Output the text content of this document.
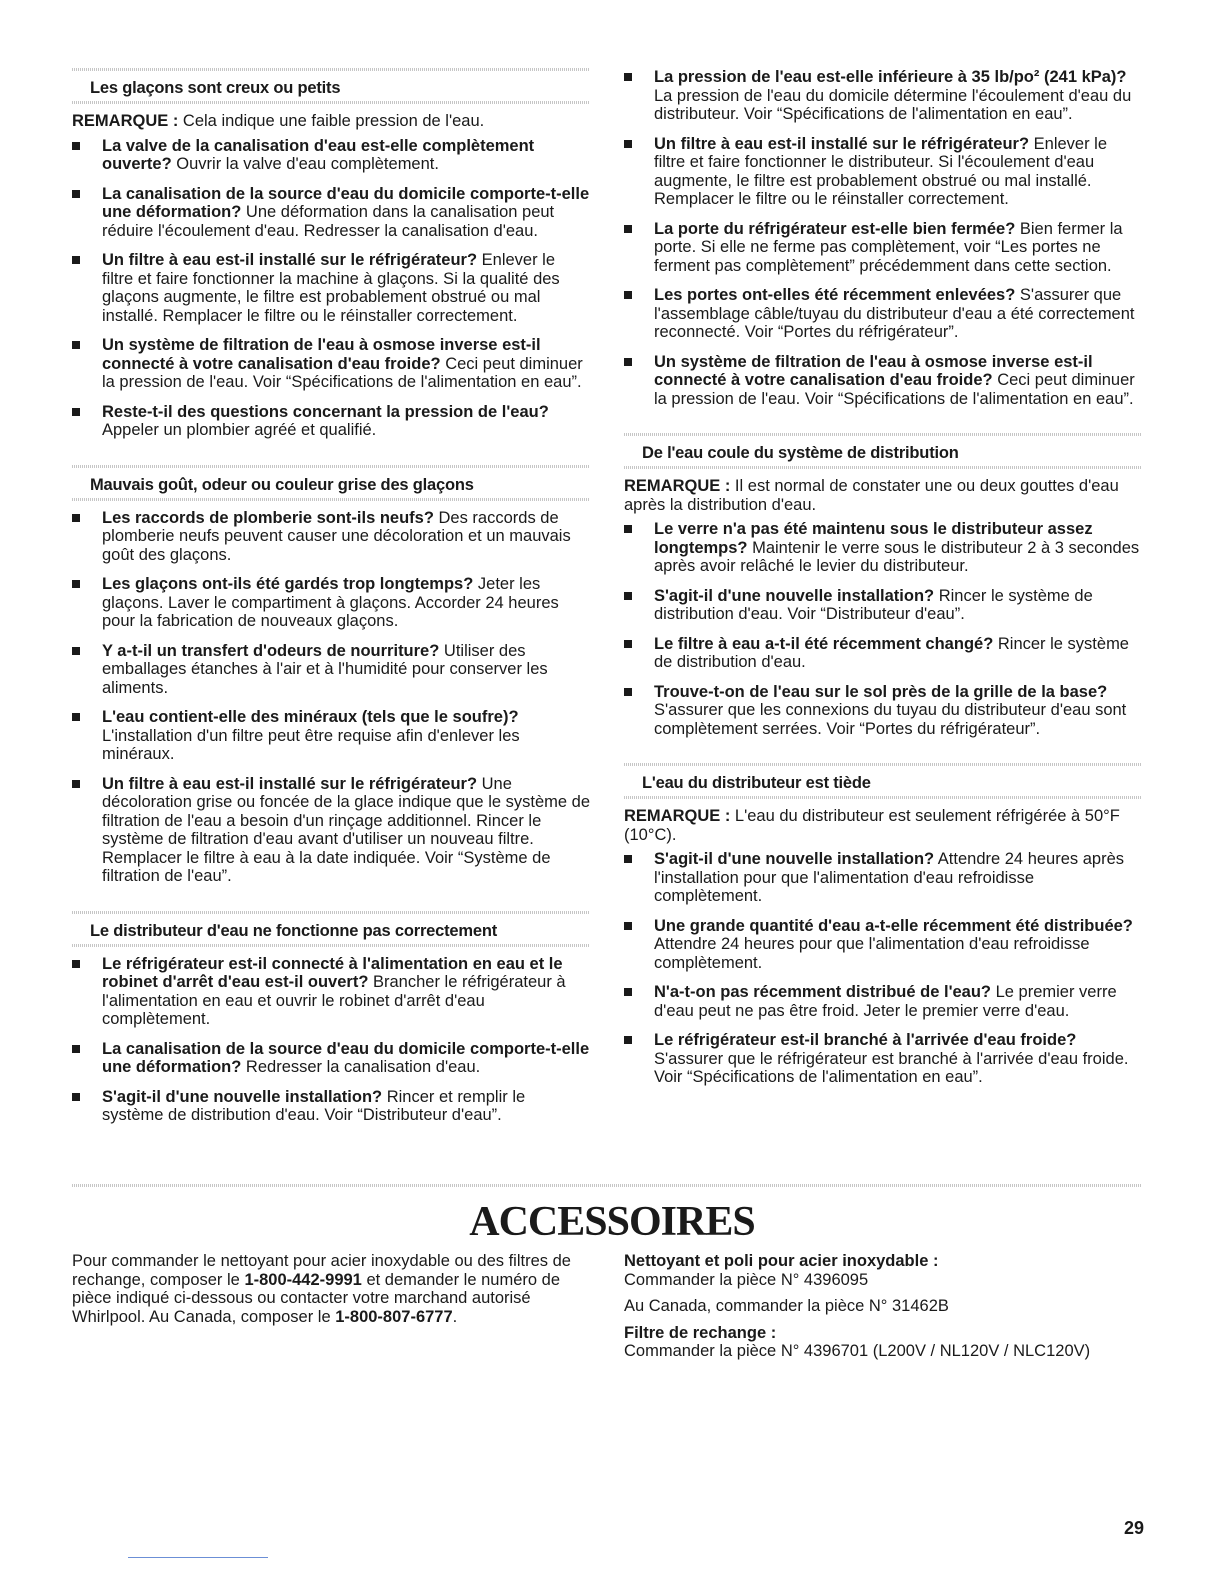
Les glaçons sont creux ou petits

REMARQUE : Cela indique une faible pression de l'eau.

La valve de la canalisation d'eau est-elle complètement ouverte? Ouvrir la valve d'eau complètement.
La canalisation de la source d'eau du domicile comporte-t-elle une déformation? Une déformation dans la canalisation peut réduire l'écoulement d'eau. Redresser la canalisation d'eau.
Un filtre à eau est-il installé sur le réfrigérateur? Enlever le filtre et faire fonctionner la machine à glaçons. Si la qualité des glaçons augmente, le filtre est probablement obstrué ou mal installé. Remplacer le filtre ou le réinstaller correctement.
Un système de filtration de l'eau à osmose inverse est-il connecté à votre canalisation d'eau froide? Ceci peut diminuer la pression de l'eau. Voir “Spécifications de l'alimentation en eau”.
Reste-t-il des questions concernant la pression de l'eau? Appeler un plombier agréé et qualifié.
Mauvais goût, odeur ou couleur grise des glaçons
Les raccords de plomberie sont-ils neufs? Des raccords de plomberie neufs peuvent causer une décoloration et un mauvais goût des glaçons.
Les glaçons ont-ils été gardés trop longtemps? Jeter les glaçons. Laver le compartiment à glaçons. Accorder 24 heures pour la fabrication de nouveaux glaçons.
Y a-t-il un transfert d'odeurs de nourriture? Utiliser des emballages étanches à l'air et à l'humidité pour conserver les aliments.
L'eau contient-elle des minéraux (tels que le soufre)? L'installation d'un filtre peut être requise afin d'enlever les minéraux.
Un filtre à eau est-il installé sur le réfrigérateur? Une décoloration grise ou foncée de la glace indique que le système de filtration de l'eau a besoin d'un rinçage additionnel. Rincer le système de filtration d'eau avant d'utiliser un nouveau filtre. Remplacer le filtre à eau à la date indiquée. Voir “Système de filtration de l'eau”.
Le distributeur d'eau ne fonctionne pas correctement
Le réfrigérateur est-il connecté à l'alimentation en eau et le robinet d'arrêt d'eau est-il ouvert? Brancher le réfrigérateur à l'alimentation en eau et ouvrir le robinet d'arrêt d'eau complètement.
La canalisation de la source d'eau du domicile comporte-t-elle une déformation? Redresser la canalisation d'eau.
S'agit-il d'une nouvelle installation? Rincer et remplir le système de distribution d'eau. Voir “Distributeur d'eau”.
La pression de l'eau est-elle inférieure à 35 lb/po² (241 kPa)? La pression de l'eau du domicile détermine l'écoulement d'eau du distributeur. Voir “Spécifications de l'alimentation en eau”.
Un filtre à eau est-il installé sur le réfrigérateur? Enlever le filtre et faire fonctionner le distributeur. Si l'écoulement d'eau augmente, le filtre est probablement obstrué ou mal installé. Remplacer le filtre ou le réinstaller correctement.
La porte du réfrigérateur est-elle bien fermée? Bien fermer la porte. Si elle ne ferme pas complètement, voir “Les portes ne ferment pas complètement” précédemment dans cette section.
Les portes ont-elles été récemment enlevées? S'assurer que l'assemblage câble/tuyau du distributeur d'eau a été correctement reconnecté. Voir “Portes du réfrigérateur”.
Un système de filtration de l'eau à osmose inverse est-il connecté à votre canalisation d'eau froide? Ceci peut diminuer la pression de l'eau. Voir “Spécifications de l'alimentation en eau”.
De l'eau coule du système de distribution

REMARQUE : Il est normal de constater une ou deux gouttes d'eau après la distribution d'eau.

Le verre n'a pas été maintenu sous le distributeur assez longtemps? Maintenir le verre sous le distributeur 2 à 3 secondes après avoir relâché le levier du distributeur.
S'agit-il d'une nouvelle installation? Rincer le système de distribution d'eau. Voir “Distributeur d'eau”.
Le filtre à eau a-t-il été récemment changé? Rincer le système de distribution d'eau.
Trouve-t-on de l'eau sur le sol près de la grille de la base? S'assurer que les connexions du tuyau du distributeur d'eau sont complètement serrées. Voir “Portes du réfrigérateur”.
L'eau du distributeur est tiède

REMARQUE : L'eau du distributeur est seulement réfrigérée à 50°F (10°C).

S'agit-il d'une nouvelle installation? Attendre 24 heures après l'installation pour que l'alimentation d'eau refroidisse complètement.
Une grande quantité d'eau a-t-elle récemment été distribuée? Attendre 24 heures pour que l'alimentation d'eau refroidisse complètement.
N'a-t-on pas récemment distribué de l'eau? Le premier verre d'eau peut ne pas être froid. Jeter le premier verre d'eau.
Le réfrigérateur est-il branché à l'arrivée d'eau froide? S'assurer que le réfrigérateur est branché à l'arrivée d'eau froide. Voir “Spécifications de l'alimentation en eau”.
ACCESSOIRES
Pour commander le nettoyant pour acier inoxydable ou des filtres de rechange, composer le 1-800-442-9991 et demander le numéro de pièce indiqué ci-dessous ou contacter votre marchand autorisé Whirlpool. Au Canada, composer le 1-800-807-6777.

Nettoyant et poli pour acier inoxydable :
Commander la pièce N° 4396095

Au Canada, commander la pièce N° 31462B

Filtre de rechange :
Commander la pièce N° 4396701 (L200V / NL120V / NLC120V)

29
